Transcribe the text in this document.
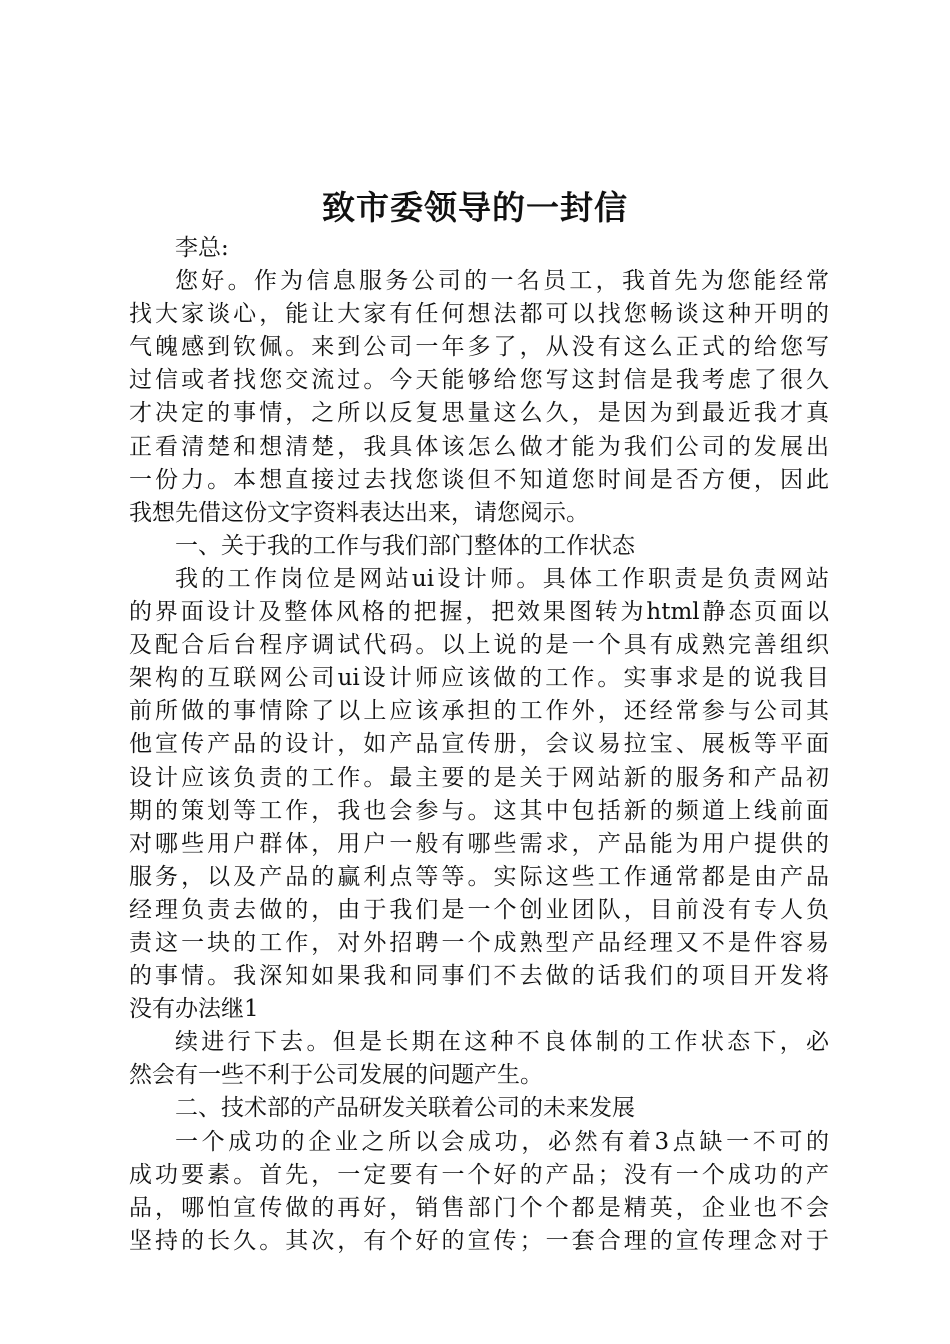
致市委领导的一封信
李总:
您好。作为信息服务公司的一名员工，我首先为您能经常
找大家谈心，能让大家有任何想法都可以找您畅谈这种开明的
气魄感到钦佩。来到公司一年多了，从没有这么正式的给您写
过信或者找您交流过。今天能够给您写这封信是我考虑了很久
才决定的事情，之所以反复思量这么久，是因为到最近我才真
正看清楚和想清楚，我具体该怎么做才能为我们公司的发展出
一份力。本想直接过去找您谈但不知道您时间是否方便，因此
我想先借这份文字资料表达出来，请您阅示。
一、关于我的工作与我们部门整体的工作状态
我的工作岗位是网站ui设计师。具体工作职责是负责网站
的界面设计及整体风格的把握，把效果图转为html静态页面以
及配合后台程序调试代码。以上说的是一个具有成熟完善组织
架构的互联网公司ui设计师应该做的工作。实事求是的说我目
前所做的事情除了以上应该承担的工作外，还经常参与公司其
他宣传产品的设计，如产品宣传册，会议易拉宝、展板等平面
设计应该负责的工作。最主要的是关于网站新的服务和产品初
期的策划等工作，我也会参与。这其中包括新的频道上线前面
对哪些用户群体，用户一般有哪些需求，产品能为用户提供的
服务，以及产品的赢利点等等。实际这些工作通常都是由产品
经理负责去做的，由于我们是一个创业团队，目前没有专人负
责这一块的工作，对外招聘一个成熟型产品经理又不是件容易
的事情。我深知如果我和同事们不去做的话我们的项目开发将
没有办法继1
续进行下去。但是长期在这种不良体制的工作状态下，必
然会有一些不利于公司发展的问题产生。
二、技术部的产品研发关联着公司的未来发展
一个成功的企业之所以会成功，必然有着3点缺一不可的
成功要素。首先，一定要有一个好的产品；没有一个成功的产
品，哪怕宣传做的再好，销售部门个个都是精英，企业也不会
坚持的长久。其次，有个好的宣传；一套合理的宣传理念对于
